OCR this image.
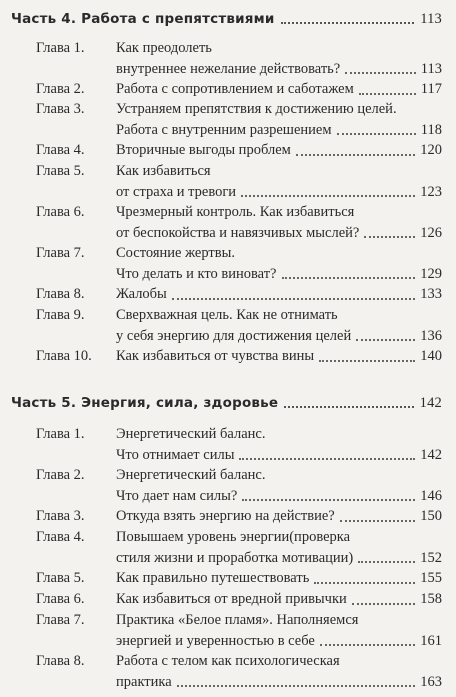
Часть 4. Работа с препятствиями	113
Глава 1. Как преодолеть
внутреннее нежелание действовать?	113
Глава 2. Работа с сопротивлением и саботажем	117
Глава 3. Устраняем препятствия к достижению целей.
Работа с внутренним разрешением	118
Глава 4. Вторичные выгоды проблем	120
Глава 5. Как избавиться
от страха и тревоги	123
Глава 6. Чрезмерный контроль. Как избавиться
от беспокойства и навязчивых мыслей?	126
Глава 7. Состояние жертвы.
Что делать и кто виноват?	129
Глава 8. Жалобы	133
Глава 9. Сверхважная цель. Как не отнимать
у себя энергию для достижения целей	136
Глава 10. Как избавиться от чувства вины	140
Часть 5. Энергия, сила, здоровье	142
Глава 1. Энергетический баланс.
Что отнимает силы	142
Глава 2. Энергетический баланс.
Что дает нам силы?	146
Глава 3. Откуда взять энергию на действие?	150
Глава 4. Повышаем уровень энергии(проверка
стиля жизни и проработка мотивации)	152
Глава 5. Как правильно путешествовать	155
Глава 6. Как избавиться от вредной привычки	158
Глава 7. Практика «Белое пламя». Наполняемся
энергией и уверенностью в себе	161
Глава 8. Работа с телом как психологическая
практика	163
